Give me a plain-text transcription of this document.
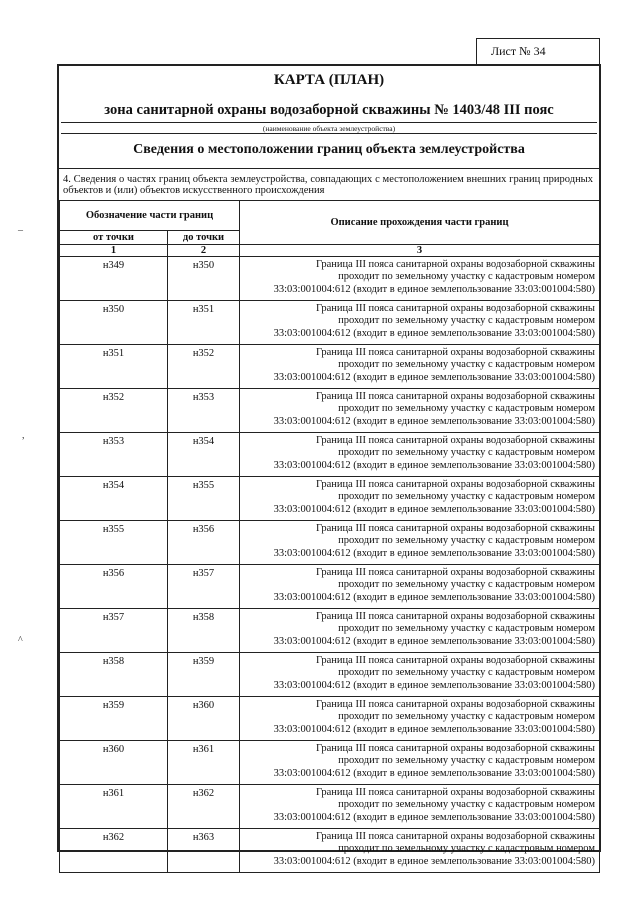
Лист № 34
–
,
^
КАРТА (ПЛАН)
зона санитарной охраны водозаборной скважины № 1403/48 III пояс
(наименование объекта землеустройства)
Сведения о местоположении границ объекта землеустройства
4. Сведения о частях границ объекта землеустройства, совпадающих с местоположением внешних границ природных объектов и (или) объектов искусственного происхождения
Обозначение части границ		Описание прохождения части границ
от точки	до точки	
1	2	3
н349	н350	Граница III пояса санитарной охраны водозаборной скважины
проходит по земельному участку с кадастровым номером
33:03:001004:612 (входит в единое землепользование 33:03:001004:580)

н350	н351	Граница III пояса санитарной охраны водозаборной скважины
проходит по земельному участку с кадастровым номером
33:03:001004:612 (входит в единое землепользование 33:03:001004:580)

н351	н352	Граница III пояса санитарной охраны водозаборной скважины
проходит по земельному участку с кадастровым номером
33:03:001004:612 (входит в единое землепользование 33:03:001004:580)

н352	н353	Граница III пояса санитарной охраны водозаборной скважины
проходит по земельному участку с кадастровым номером
33:03:001004:612 (входит в единое землепользование 33:03:001004:580)

н353	н354	Граница III пояса санитарной охраны водозаборной скважины
проходит по земельному участку с кадастровым номером
33:03:001004:612 (входит в единое землепользование 33:03:001004:580)

н354	н355	Граница III пояса санитарной охраны водозаборной скважины
проходит по земельному участку с кадастровым номером
33:03:001004:612 (входит в единое землепользование 33:03:001004:580)

н355	н356	Граница III пояса санитарной охраны водозаборной скважины
проходит по земельному участку с кадастровым номером
33:03:001004:612 (входит в единое землепользование 33:03:001004:580)

н356	н357	Граница III пояса санитарной охраны водозаборной скважины
проходит по земельному участку с кадастровым номером
33:03:001004:612 (входит в единое землепользование 33:03:001004:580)

н357	н358	Граница III пояса санитарной охраны водозаборной скважины
проходит по земельному участку с кадастровым номером
33:03:001004:612 (входит в единое землепользование 33:03:001004:580)

н358	н359	Граница III пояса санитарной охраны водозаборной скважины
проходит по земельному участку с кадастровым номером
33:03:001004:612 (входит в единое землепользование 33:03:001004:580)

н359	н360	Граница III пояса санитарной охраны водозаборной скважины
проходит по земельному участку с кадастровым номером
33:03:001004:612 (входит в единое землепользование 33:03:001004:580)

н360	н361	Граница III пояса санитарной охраны водозаборной скважины
проходит по земельному участку с кадастровым номером
33:03:001004:612 (входит в единое землепользование 33:03:001004:580)

н361	н362	Граница III пояса санитарной охраны водозаборной скважины
проходит по земельному участку с кадастровым номером
33:03:001004:612 (входит в единое землепользование 33:03:001004:580)

н362	н363	Граница III пояса санитарной охраны водозаборной скважины
проходит по земельному участку с кадастровым номером
33:03:001004:612 (входит в единое землепользование 33:03:001004:580)
